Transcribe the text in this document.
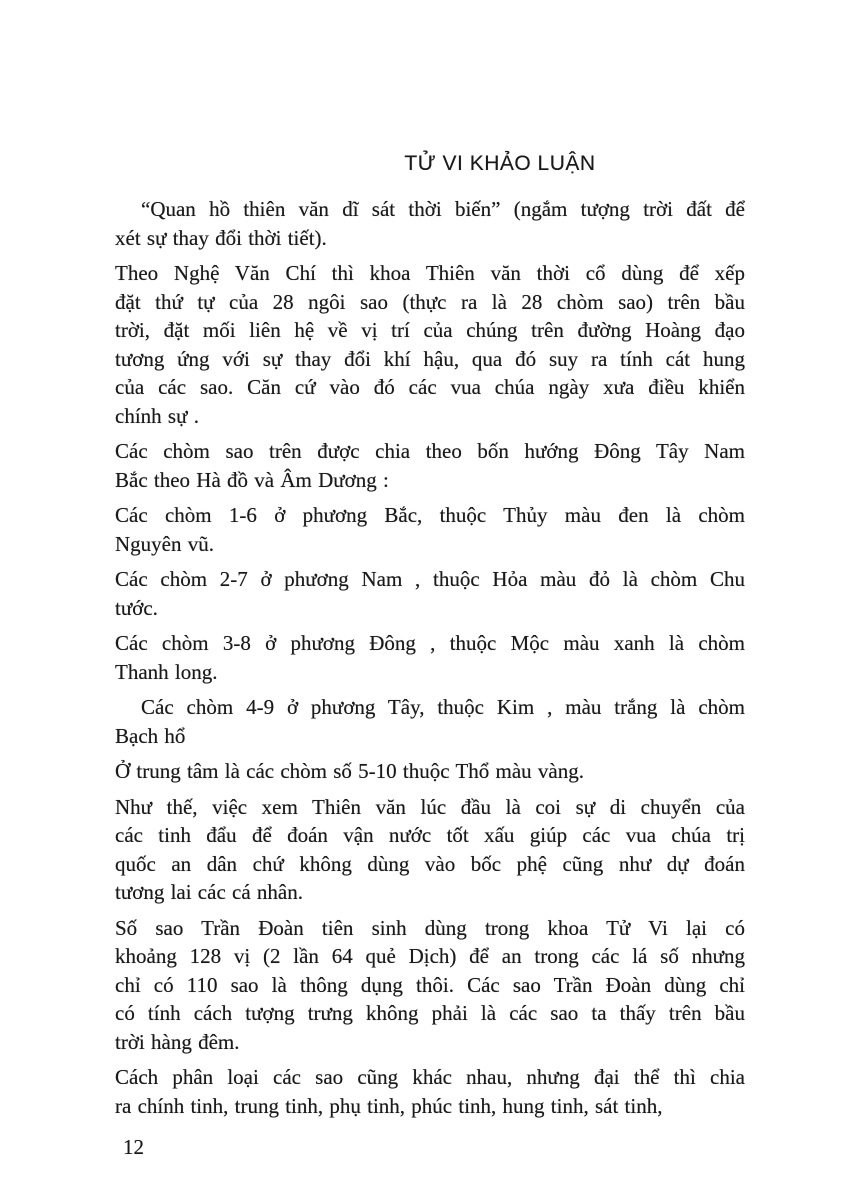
TỬ VI KHẢO LUẬN
“Quan hồ thiên văn dĩ sát thời biến” (ngắm tượng trời đất để
xét sự thay đổi thời tiết).
Theo Nghệ Văn Chí thì khoa Thiên văn thời cổ dùng để xếp
đặt thứ tự của 28 ngôi sao (thực ra là 28 chòm sao) trên bầu
trời, đặt mối liên hệ về vị trí của chúng trên đường Hoàng đạo
tương ứng với sự thay đổi khí hậu, qua đó suy ra tính cát hung
của các sao. Căn cứ vào đó các vua chúa ngày xưa điều khiển
chính sự .
Các chòm sao trên được chia theo bốn hướng Đông Tây Nam
Bắc theo Hà đồ và Âm Dương :
Các chòm 1-6 ở phương Bắc, thuộc Thủy màu đen là chòm
Nguyên vũ.
Các chòm 2-7 ở phương Nam , thuộc Hỏa màu đỏ là chòm Chu
tước.
Các chòm 3-8 ở phương Đông , thuộc Mộc màu xanh là chòm
Thanh long.
Các chòm 4-9 ở phương Tây, thuộc Kim , màu trắng là chòm
Bạch hổ
Ở trung tâm là các chòm số 5-10 thuộc Thổ màu vàng.
Như thế, việc xem Thiên văn lúc đầu là coi sự di chuyển của
các tinh đẩu để đoán vận nước tốt xấu giúp các vua chúa trị
quốc an dân chứ không dùng vào bốc phệ cũng như dự đoán
tương lai các cá nhân.
Số sao Trần Đoàn tiên sinh dùng trong khoa Tử Vi lại có
khoảng 128 vị (2 lần 64 quẻ Dịch) để an trong các lá số nhưng
chỉ có 110 sao là thông dụng thôi. Các sao Trần Đoàn dùng chỉ
có tính cách tượng trưng không phải là các sao ta thấy trên bầu
trời hàng đêm.
Cách phân loại các sao cũng khác nhau, nhưng đại thể thì chia
ra chính tinh, trung tinh, phụ tinh, phúc tinh, hung tinh, sát tinh,
12
